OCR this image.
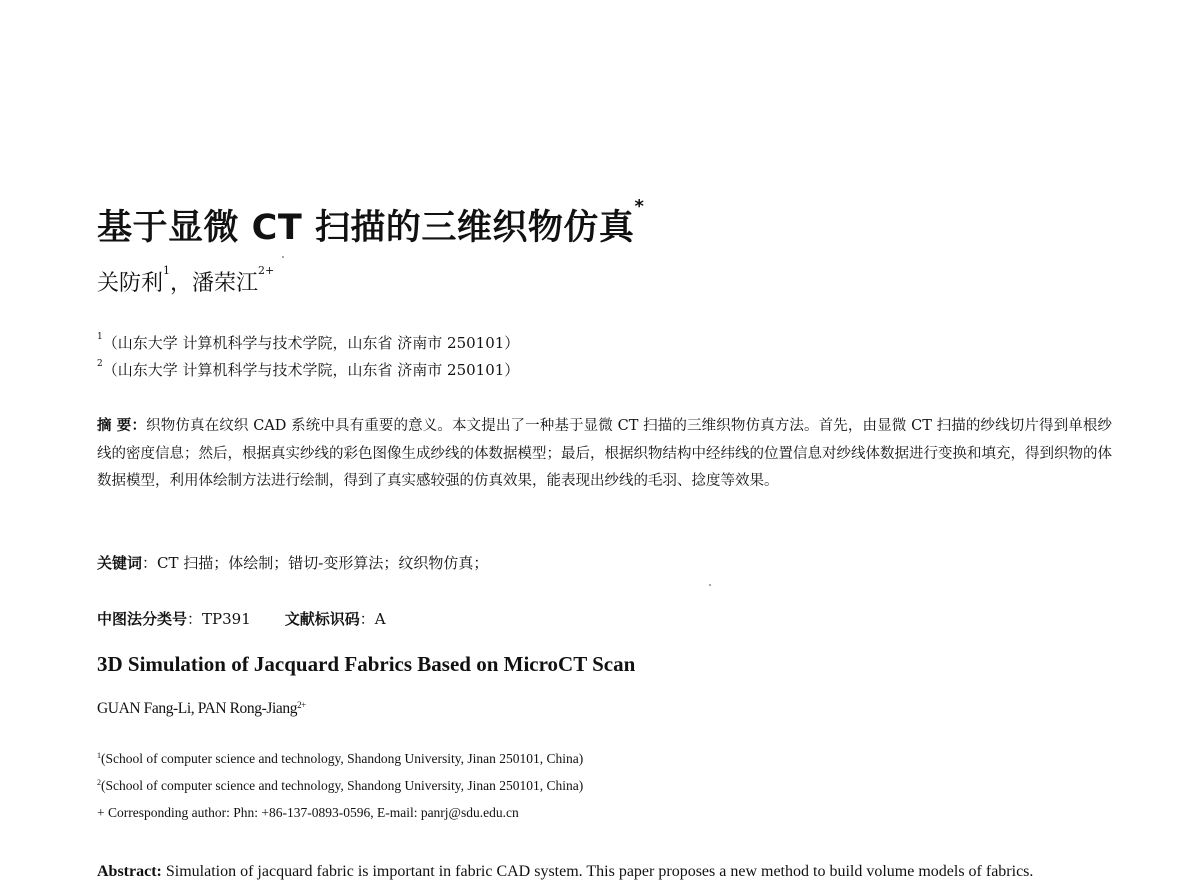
基于显微 CT 扫描的三维织物仿真*
关防利$^1$，潘荣江$^{2+}$
$^1$（山东大学 计算机科学与技术学院，山东省 济南市 250101）
$^2$（山东大学 计算机科学与技术学院，山东省 济南市 250101）
摘 要：织物仿真在纹织 CAD 系统中具有重要的意义。本文提出了一种基于显微 CT 扫描的三维织物仿真方法。首先，由显微 CT 扫描的纱线切片得到单根纱线的密度信息；然后，根据真实纱线的彩色图像生成纱线的体数据模型；最后，根据织物结构中经纬线的位置信息对纱线体数据进行变换和填充，得到织物的体数据模型，利用体绘制方法进行绘制，得到了真实感较强的仿真效果，能表现出纱线的毛羽、捻度等效果。
关键词：CT 扫描；体绘制；错切-变形算法；纹织物仿真；
中图法分类号：TP391 文献标识码：A
3D Simulation of Jacquard Fabrics Based on MicroCT Scan
GUAN Fang-Li, PAN Rong-Jiang$^{2+}$
$^1$(School of computer science and technology, Shandong University, Jinan 250101, China)
$^2$(School of computer science and technology, Shandong University, Jinan 250101, China)
+ Corresponding author: Phn: +86-137-0893-0596, E-mail: panrj@sdu.edu.cn
Abstract: Simulation of jacquard fabric is important in fabric CAD system. This paper proposes a new method to build volume models of fabrics.
